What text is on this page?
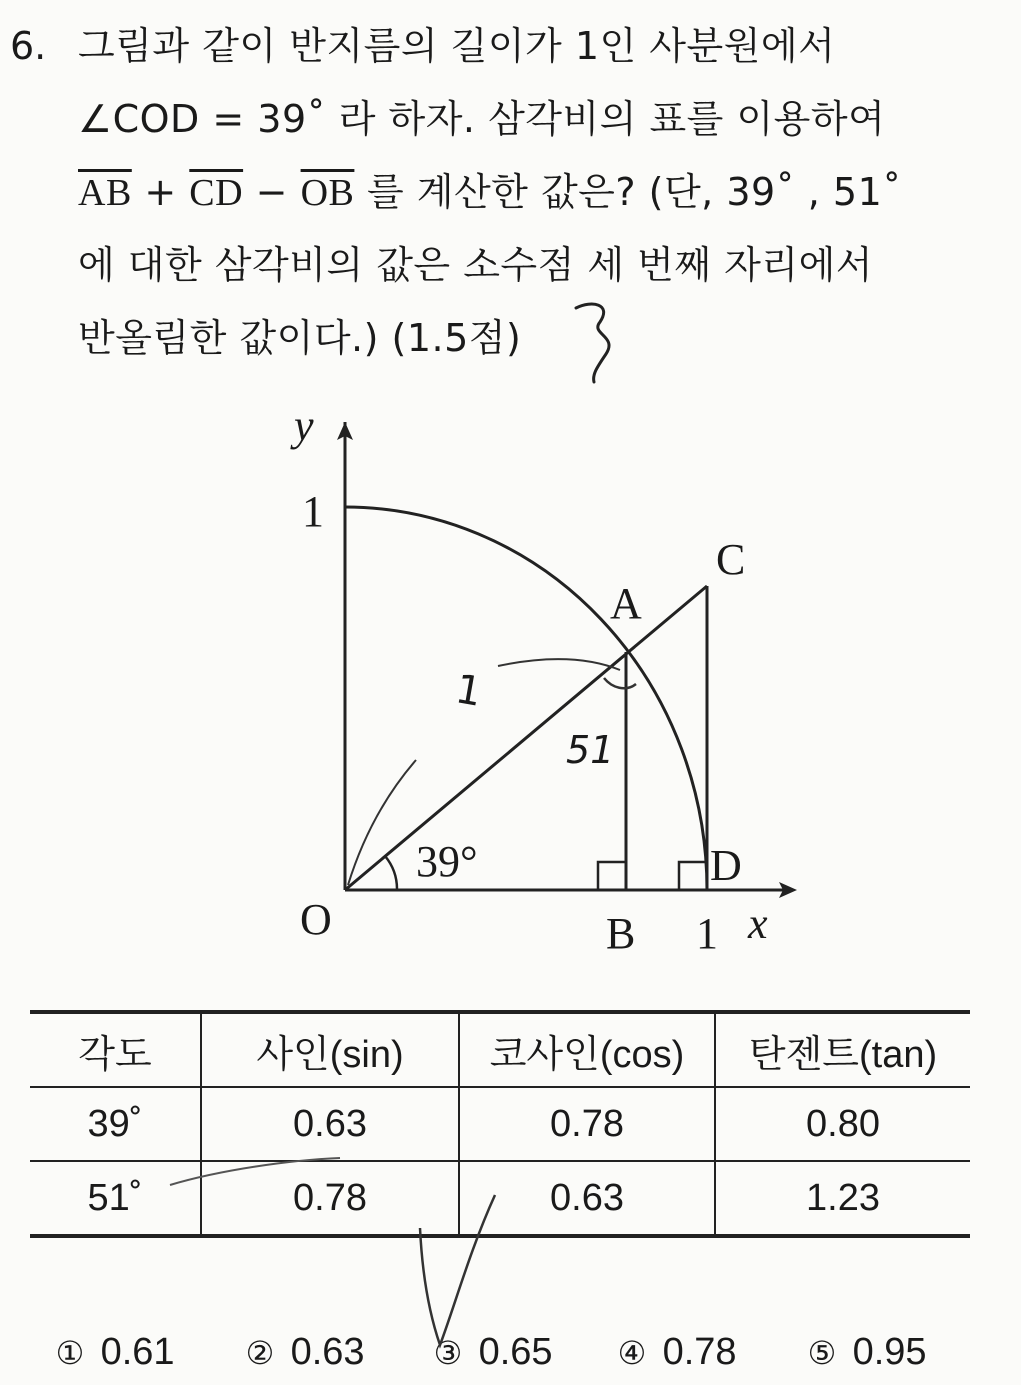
6. 그림과 같이 반지름의 길이가 1인 사분원에서
∠COD = 39˚ 라 하자. 삼각비의 표를 이용하여
$\overline{AB} + \overline{CD} - \overline{OB}$ 를 계산한 값은? (단, 39˚ , 51˚
에 대한 삼각비의 값은 소수점 세 번째 자리에서
반올림한 값이다.) (1.5점)
y
1
C
A
39°	D
O	B 1 x
1
51
각도	사인(sin)	코사인(cos)	탄젠트(tan)
39˚	0.63	0.78	0.80
51˚	0.78	0.63	1.23
① 0.61 ② 0.63 ③ 0.65 ④ 0.78 ⑤ 0.95
